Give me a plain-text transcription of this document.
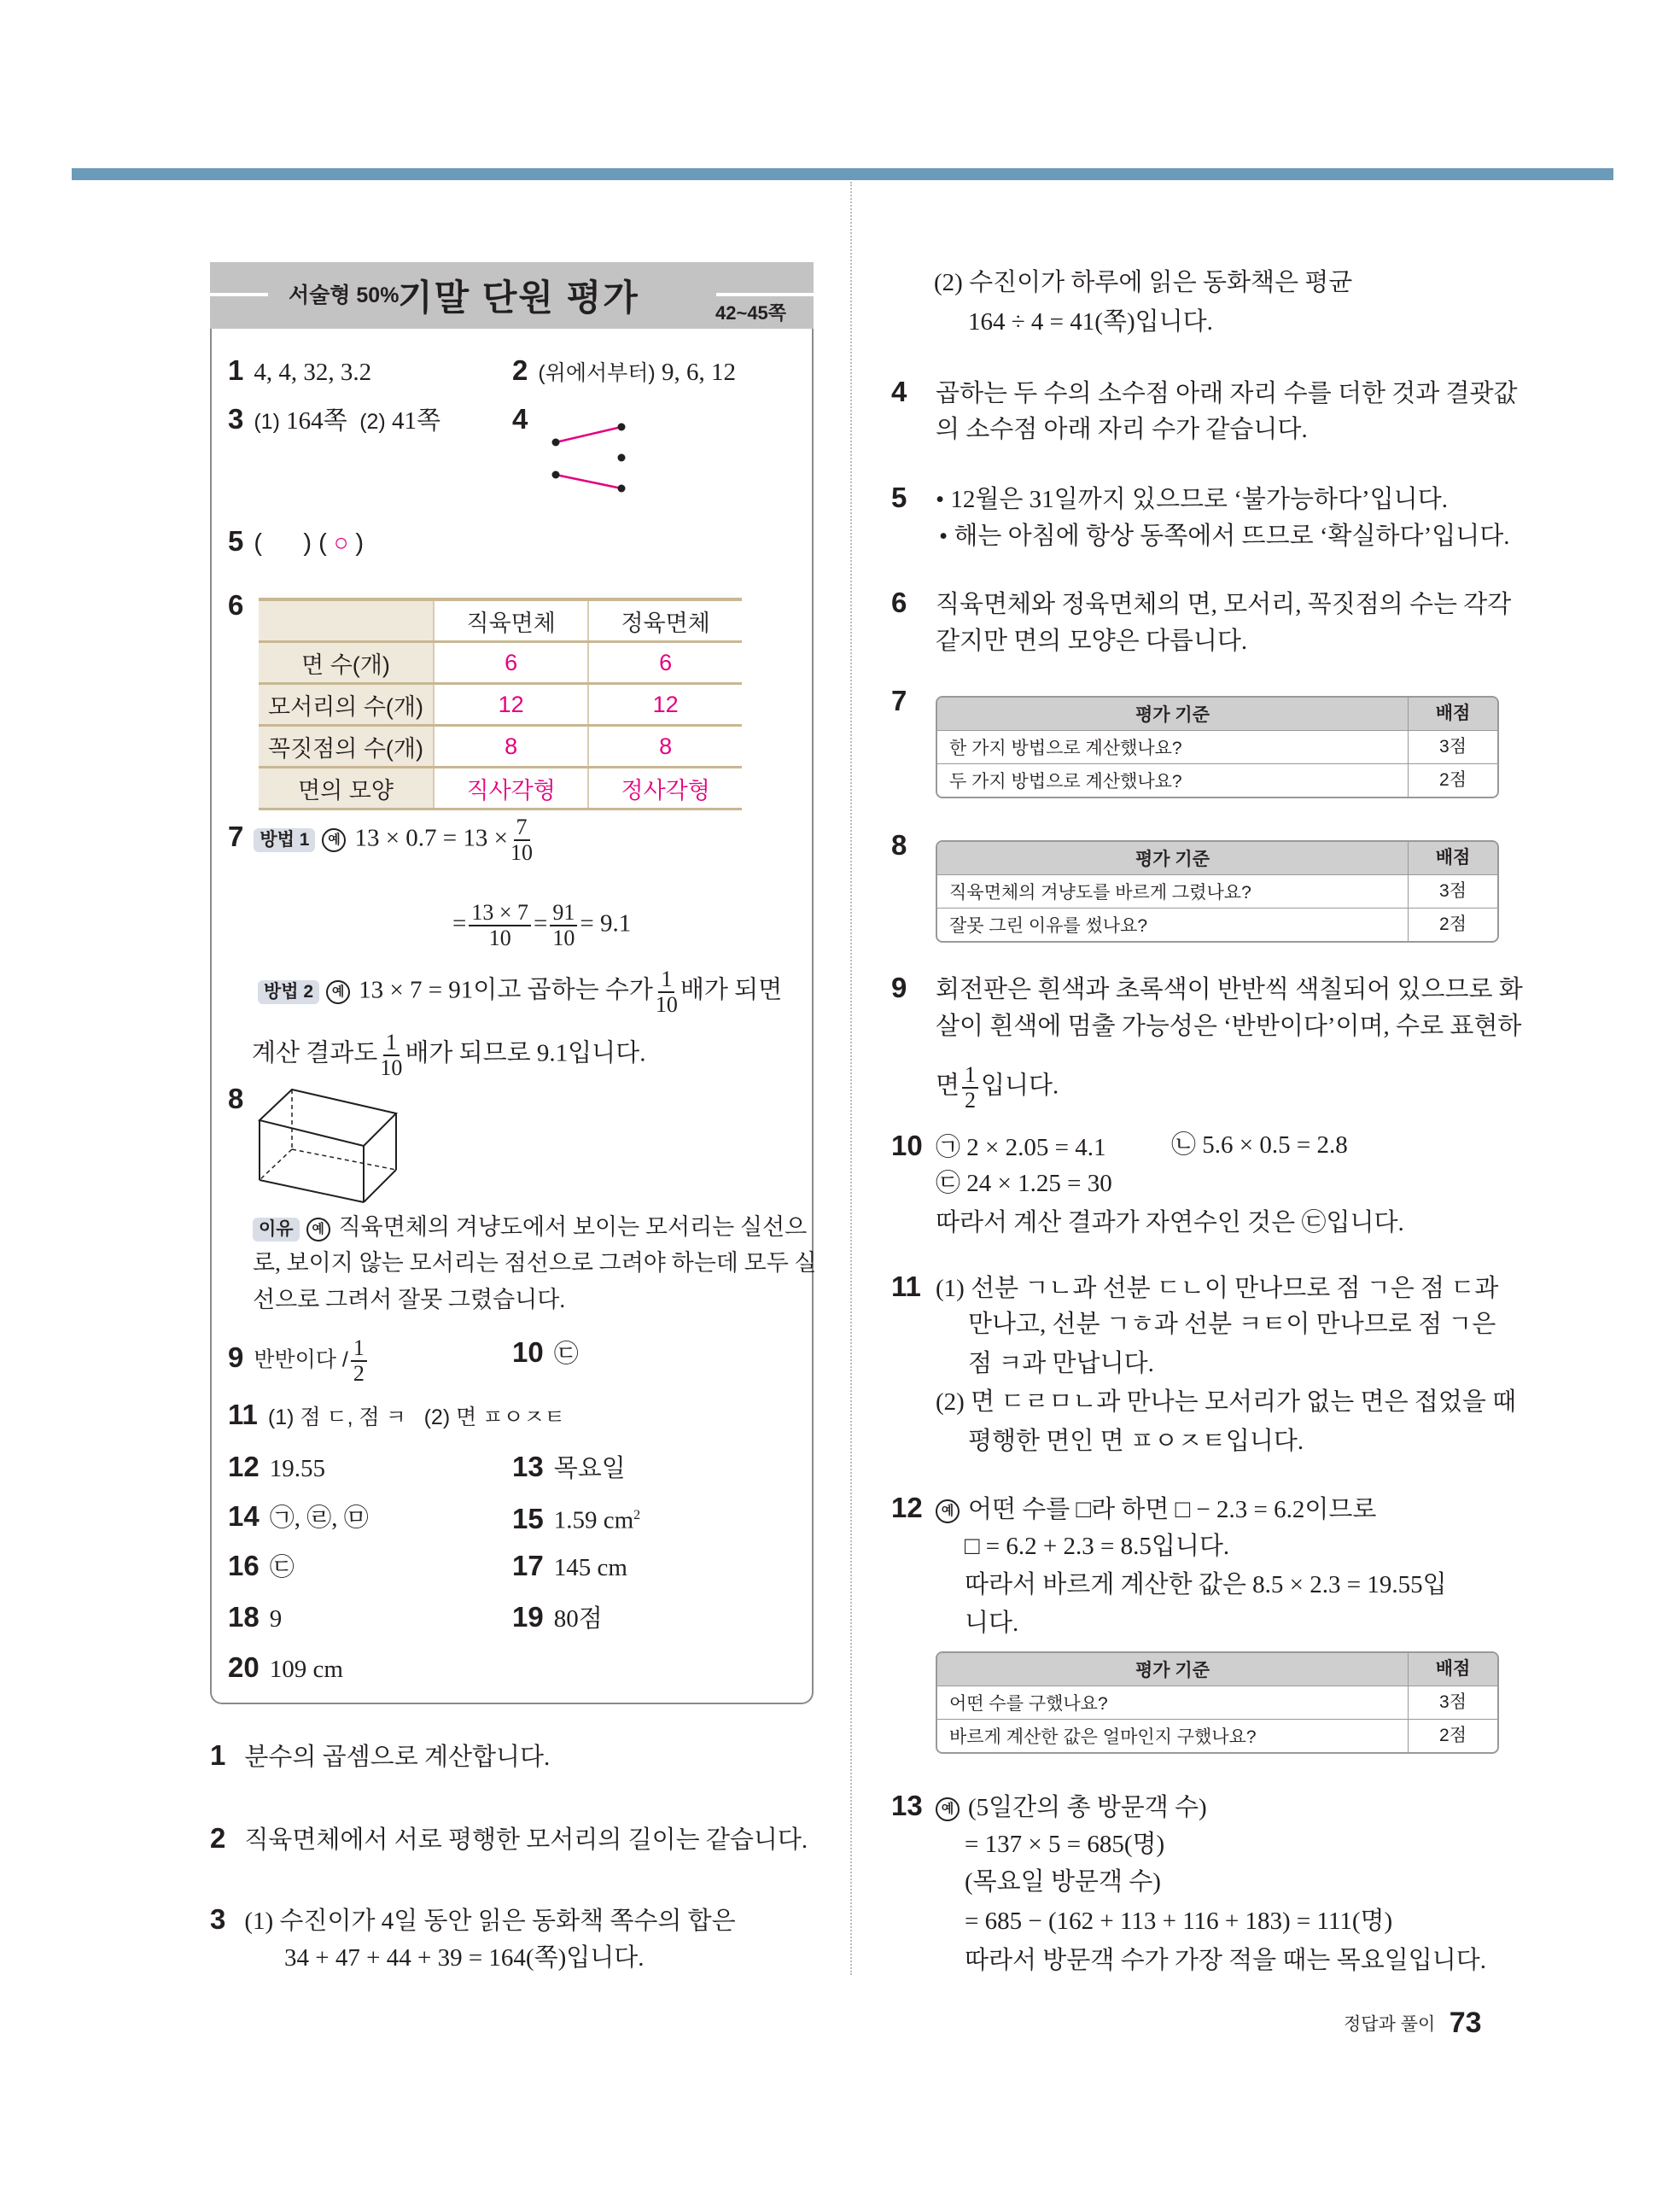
서술형 50%
기말 단원 평가	42~45쪽
1 4, 4, 32, 3.2	2 (위에서부터) 9, 6, 12
3 (1) 164쪽 (2) 41쪽	4
5 (      ) ( ○ )
6
	직육면체	정육면체
면 수(개)	6	6
모서리의 수(개)	12	12
꼭짓점의 수(개)	8	8
면의 모양	직사각형	정사각형
7 방법 1 예 $13 \times 0.7 = 13 \times \frac{7}{10}$
= $\frac{13 \times 7}{10} = \frac{91}{10} = 9.1$
방법 2 예 13 × 7 = 91이고 곱하는 수가 $\frac{1}{10}$ 배가 되면
계산 결과도 $\frac{1}{10}$ 배가 되므로 9.1입니다.
8
이유 예 직육면체의 겨냥도에서 보이는 모서리는 실선으
로, 보이지 않는 모서리는 점선으로 그려야 하는데 모두 실
선으로 그려서 잘못 그렸습니다.
9 반반이다 / $\frac{1}{2}$	10 ㉢
11 (1) 점 ㄷ, 점 ㅋ   (2) 면 ㅍㅇㅈㅌ
12 19.55	13 목요일
14 ㉠, ㉣, ㉤	15 1.59 $cm^2$
16 ㉢	17 145 cm
18 9	19 80점
20 109 cm
1 분수의 곱셈으로 계산합니다.
2 직육면체에서 서로 평행한 모서리의 길이는 같습니다.
3 (1) 수진이가 4일 동안 읽은 동화책 쪽수의 합은
34 + 47 + 44 + 39 = 164(쪽)입니다.
(2) 수진이가 하루에 읽은 동화책은 평균
164 ÷ 4 = 41(쪽)입니다.
4 곱하는 두 수의 소수점 아래 자리 수를 더한 것과 결괏값
의 소수점 아래 자리 수가 같습니다.
5 • 12월은 31일까지 있으므로 ‘불가능하다’입니다.
• 해는 아침에 항상 동쪽에서 뜨므로 ‘확실하다’입니다.
6 직육면체와 정육면체의 면, 모서리, 꼭짓점의 수는 각각
같지만 면의 모양은 다릅니다.
7	평가 기준	배점
한 가지 방법으로 계산했나요?	3점
두 가지 방법으로 계산했나요?	2점
8	평가 기준	배점
직육면체의 겨냥도를 바르게 그렸나요?	3점
잘못 그린 이유를 썼나요?	2점
9 회전판은 흰색과 초록색이 반반씩 색칠되어 있으므로 화
살이 흰색에 멈출 가능성은 ‘반반이다’이며, 수로 표현하
면 $\frac{1}{2}$ 입니다.
10 ㉠ 2 × 2.05 = 4.1	㉡ 5.6 × 0.5 = 2.8
㉢ 24 × 1.25 = 30
따라서 계산 결과가 자연수인 것은 ㉢입니다.
11 (1) 선분 ㄱㄴ과 선분 ㄷㄴ이 만나므로 점 ㄱ은 점 ㄷ과
만나고, 선분 ㄱㅎ과 선분 ㅋㅌ이 만나므로 점 ㄱ은
점 ㅋ과 만납니다.
(2) 면 ㄷㄹㅁㄴ과 만나는 모서리가 없는 면은 접었을 때
평행한 면인 면 ㅍㅇㅈㅌ입니다.
12 예 어떤 수를 □라 하면 □ − 2.3 = 6.2이므로
□ = 6.2 + 2.3 = 8.5입니다.
따라서 바르게 계산한 값은 8.5 × 2.3 = 19.55입
니다.
평가 기준	배점
어떤 수를 구했나요?	3점
바르게 계산한 값은 얼마인지 구했나요?	2점
13 예 (5일간의 총 방문객 수)
= 137 × 5 = 685(명)
(목요일 방문객 수)
= 685 − (162 + 113 + 116 + 183) = 111(명)
따라서 방문객 수가 가장 적을 때는 목요일입니다.
정답과 풀이 73
